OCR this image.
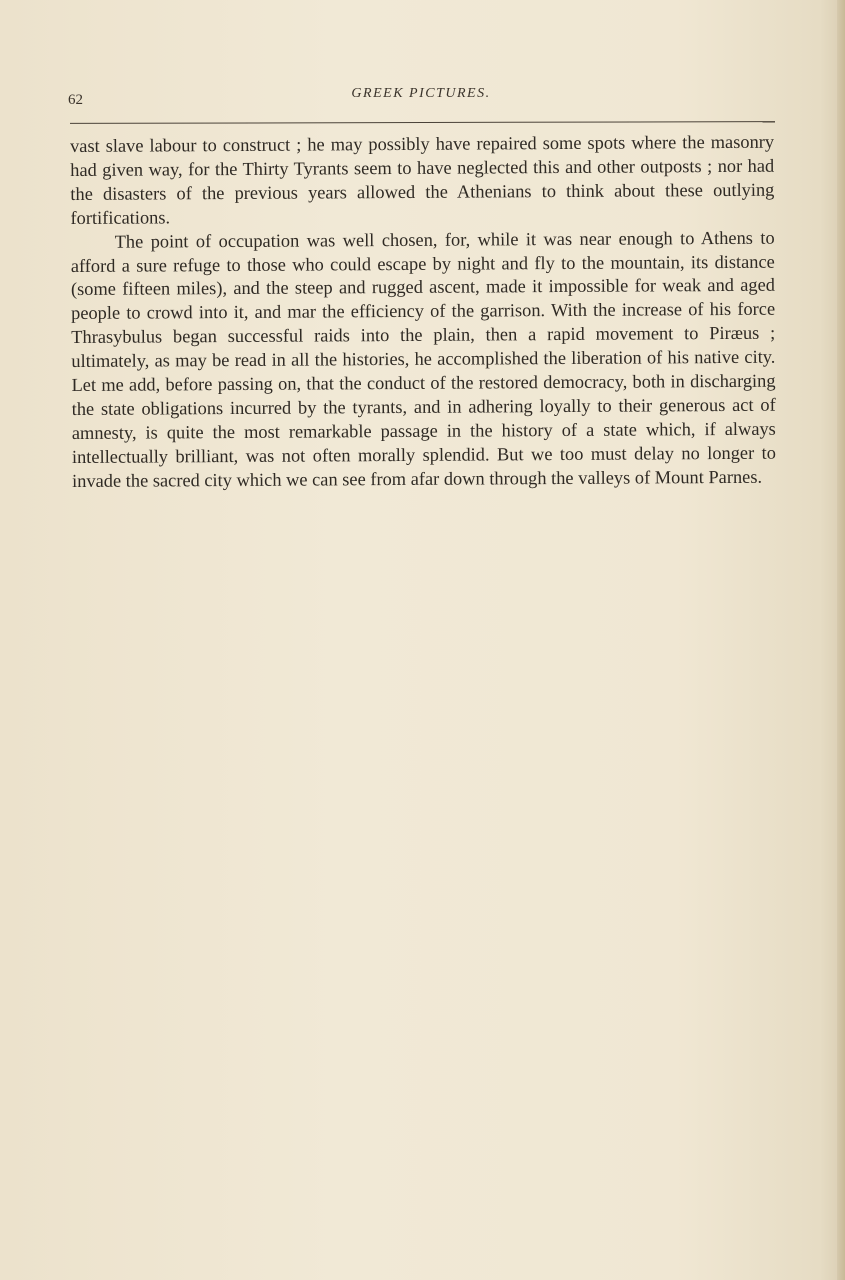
62	GREEK PICTURES.

vast slave labour to construct ; he may possibly have repaired some spots where the masonry had given way, for the Thirty Tyrants seem to have neglected this and other outposts ; nor had the disasters of the previous years allowed the Athenians to think about these outlying fortifications.

The point of occupation was well chosen, for, while it was near enough to Athens to afford a sure refuge to those who could escape by night and fly to the mountain, its distance (some fifteen miles), and the steep and rugged ascent, made it impossible for weak and aged people to crowd into it, and mar the efficiency of the garrison. With the increase of his force Thrasybulus began successful raids into the plain, then a rapid movement to Piræus ; ultimately, as may be read in all the histories, he accomplished the liberation of his native city. Let me add, before passing on, that the conduct of the restored democracy, both in discharging the state obligations incurred by the tyrants, and in adhering loyally to their generous act of amnesty, is quite the most remarkable passage in the history of a state which, if always intellectually brilliant, was not often morally splendid. But we too must delay no longer to invade the sacred city which we can see from afar down through the valleys of Mount Parnes.
